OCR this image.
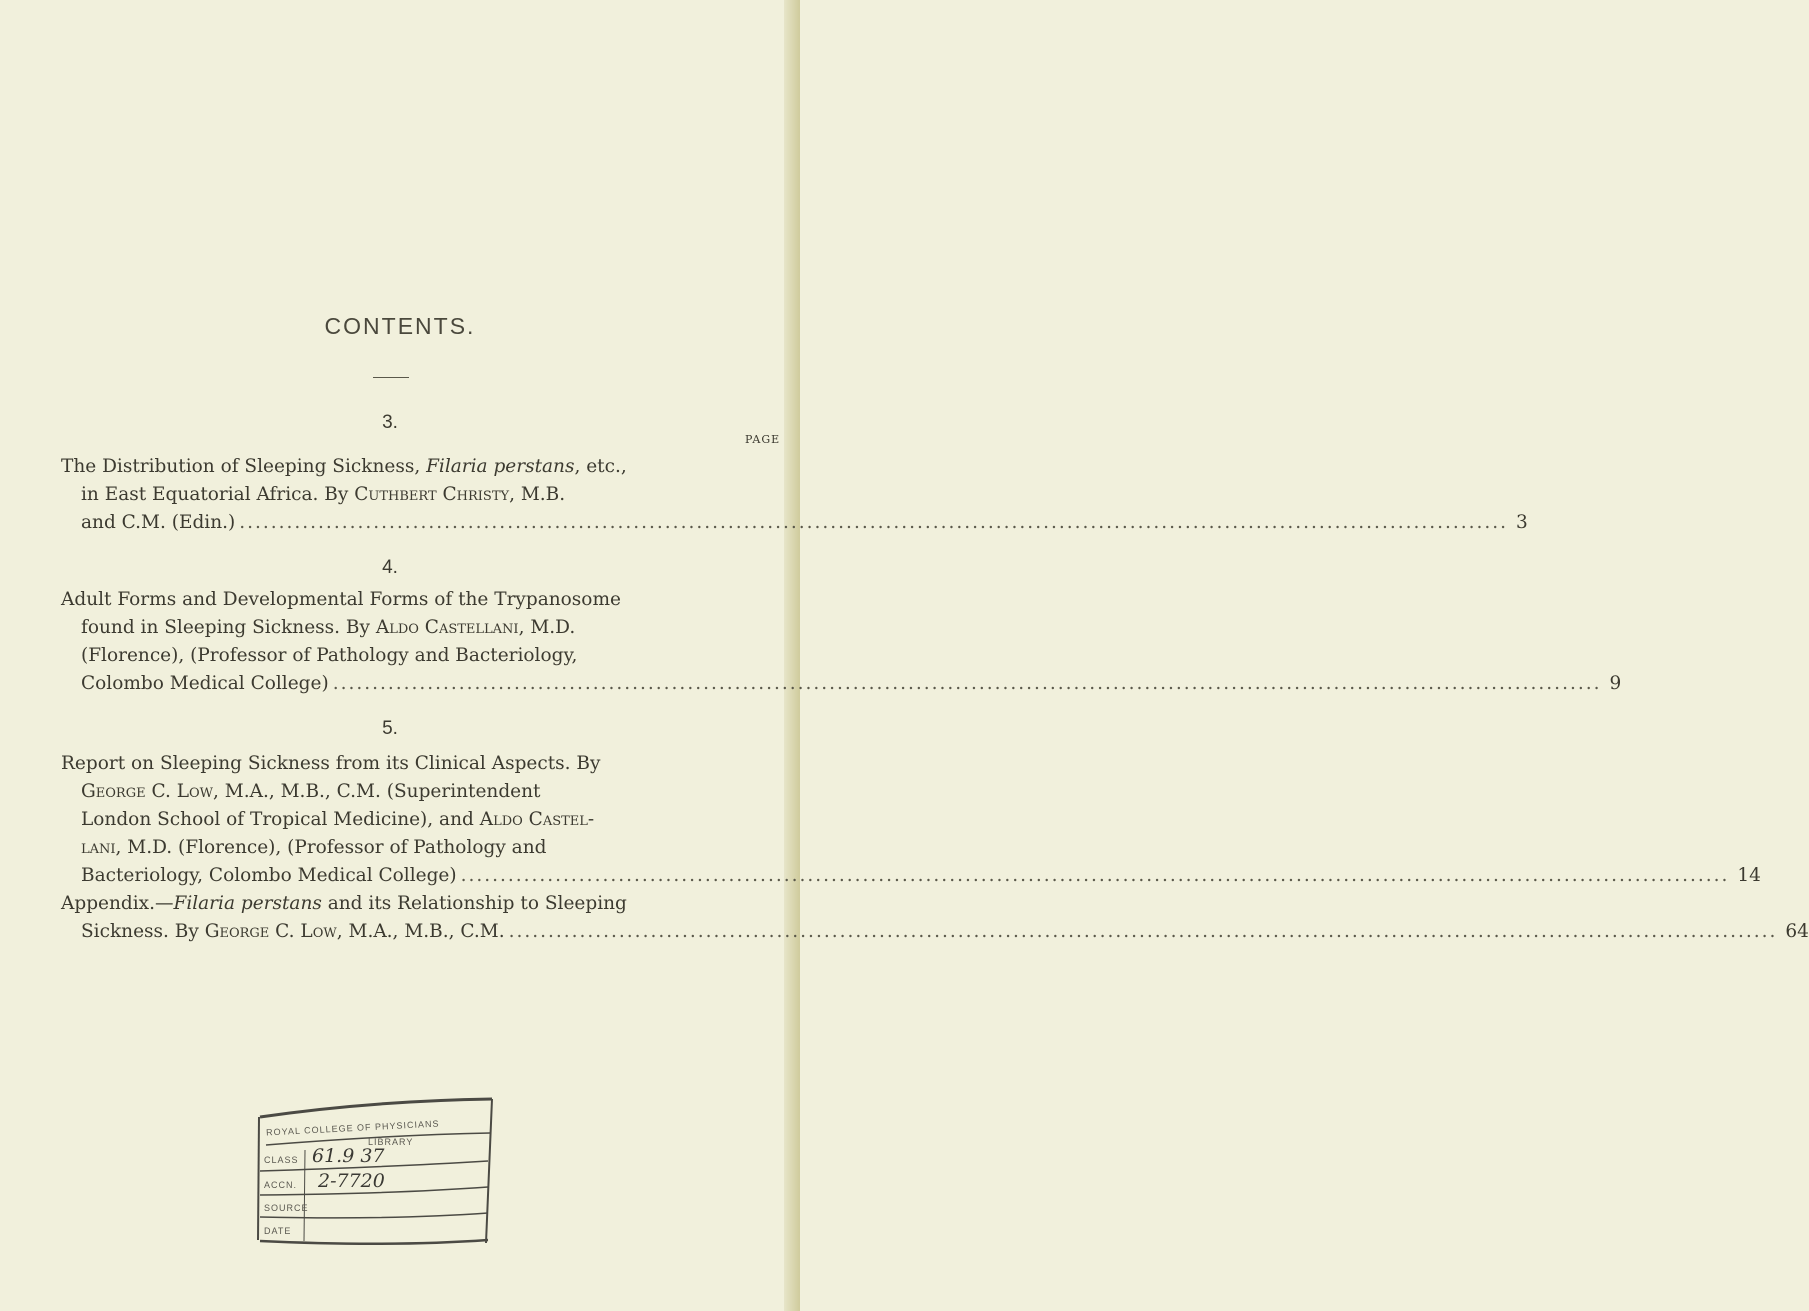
CONTENTS.
3.
PAGE
The Distribution of Sleeping Sickness, Filaria perstans, etc.,
in East Equatorial Africa. By Cuthbert Christy, M.B.
and C.M. (Edin.) .....	3
4.
Adult Forms and Developmental Forms of the Trypanosome
found in Sleeping Sickness. By Aldo Castellani, M.D.
(Florence), (Professor of Pathology and Bacteriology,
Colombo Medical College) .....	9
5.
Report on Sleeping Sickness from its Clinical Aspects. By
George C. Low, M.A., M.B., C.M. (Superintendent
London School of Tropical Medicine), and Aldo Castel-
lani, M.D. (Florence), (Professor of Pathology and
Bacteriology, Colombo Medical College) .....	14
Appendix.—Filaria perstans and its Relationship to Sleeping
Sickness. By George C. Low, M.A., M.B., C.M. .....	64
ROYAL COLLEGE OF PHYSICIANS
LIBRARY
CLASS 61.9 37
ACCN. 2-7720
SOURCE
DATE
